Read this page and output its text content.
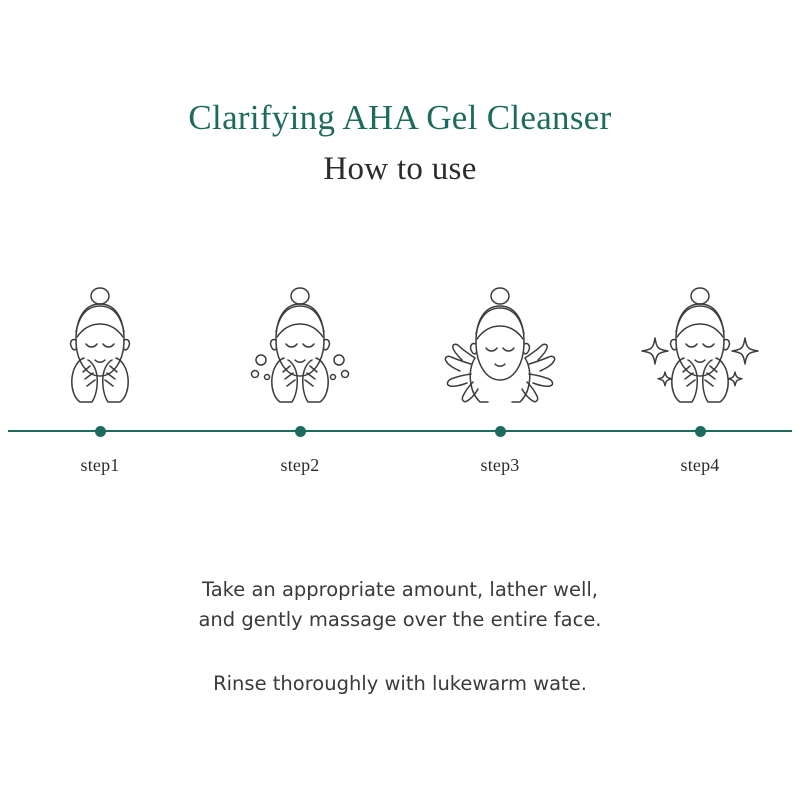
Clarifying AHA Gel Cleanser
How to use
step1	step2	step3	step4
Take an appropriate amount, lather well,
and gently massage over the entire face.
Rinse thoroughly with lukewarm wate.
